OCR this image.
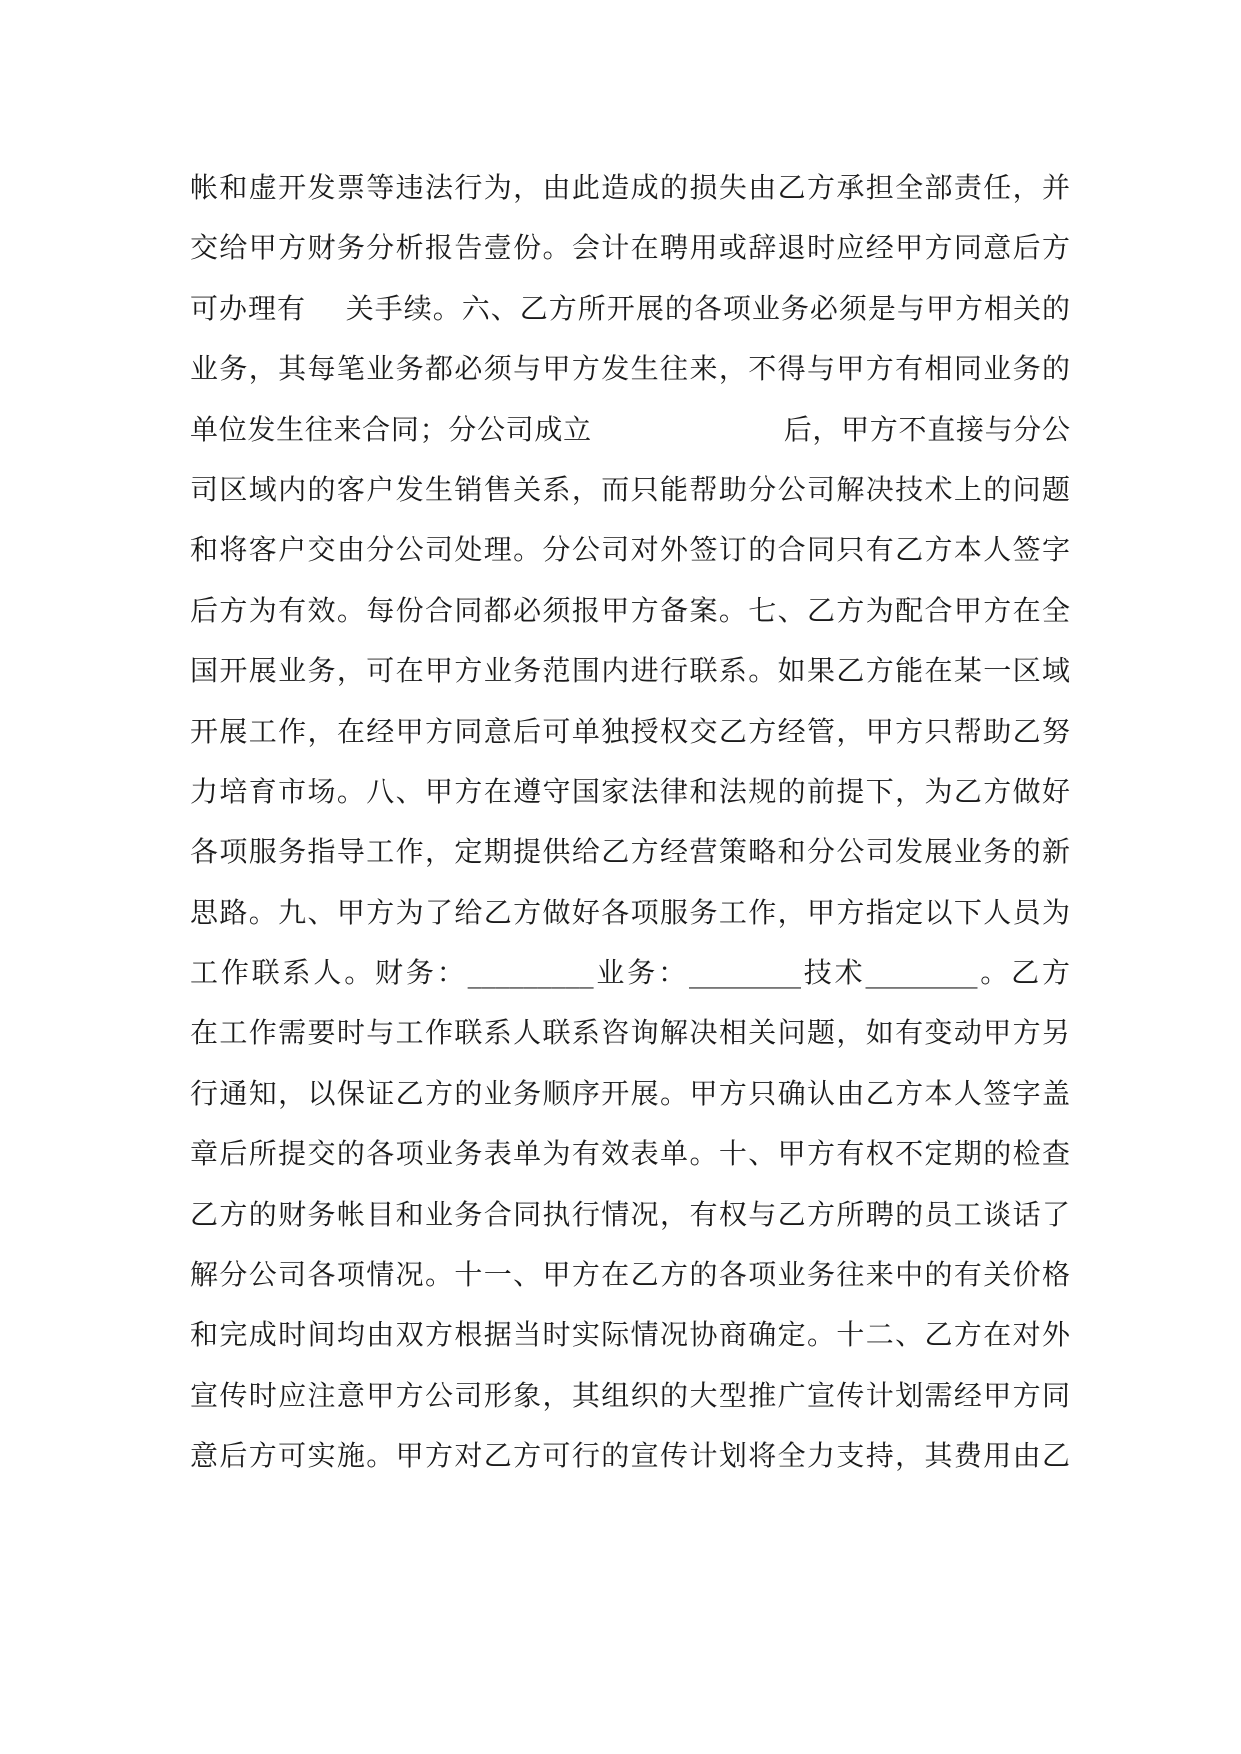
帐和虚开发票等违法行为，由此造成的损失由乙方承担全部责任，并
交给甲方财务分析报告壹份。会计在聘用或辞退时应经甲方同意后方
可办理有    关手续。六、乙方所开展的各项业务必须是与甲方相关的
业务，其每笔业务都必须与甲方发生往来，不得与甲方有相同业务的
单位发生往来合同；分公司成立                    后，甲方不直接与分公
司区域内的客户发生销售关系，而只能帮助分公司解决技术上的问题
和将客户交由分公司处理。分公司对外签订的合同只有乙方本人签字
后方为有效。每份合同都必须报甲方备案。七、乙方为配合甲方在全
国开展业务，可在甲方业务范围内进行联系。如果乙方能在某一区域
开展工作，在经甲方同意后可单独授权交乙方经管，甲方只帮助乙努
力培育市场。八、甲方在遵守国家法律和法规的前提下，为乙方做好
各项服务指导工作，定期提供给乙方经营策略和分公司发展业务的新
思路。九、甲方为了给乙方做好各项服务工作，甲方指定以下人员为
工作联系人。财务：_________业务：________技术________。乙方
在工作需要时与工作联系人联系咨询解决相关问题，如有变动甲方另
行通知，以保证乙方的业务顺序开展。甲方只确认由乙方本人签字盖
章后所提交的各项业务表单为有效表单。十、甲方有权不定期的检查
乙方的财务帐目和业务合同执行情况，有权与乙方所聘的员工谈话了
解分公司各项情况。十一、甲方在乙方的各项业务往来中的有关价格
和完成时间均由双方根据当时实际情况协商确定。十二、乙方在对外
宣传时应注意甲方公司形象，其组织的大型推广宣传计划需经甲方同
意后方可实施。甲方对乙方可行的宣传计划将全力支持，其费用由乙
